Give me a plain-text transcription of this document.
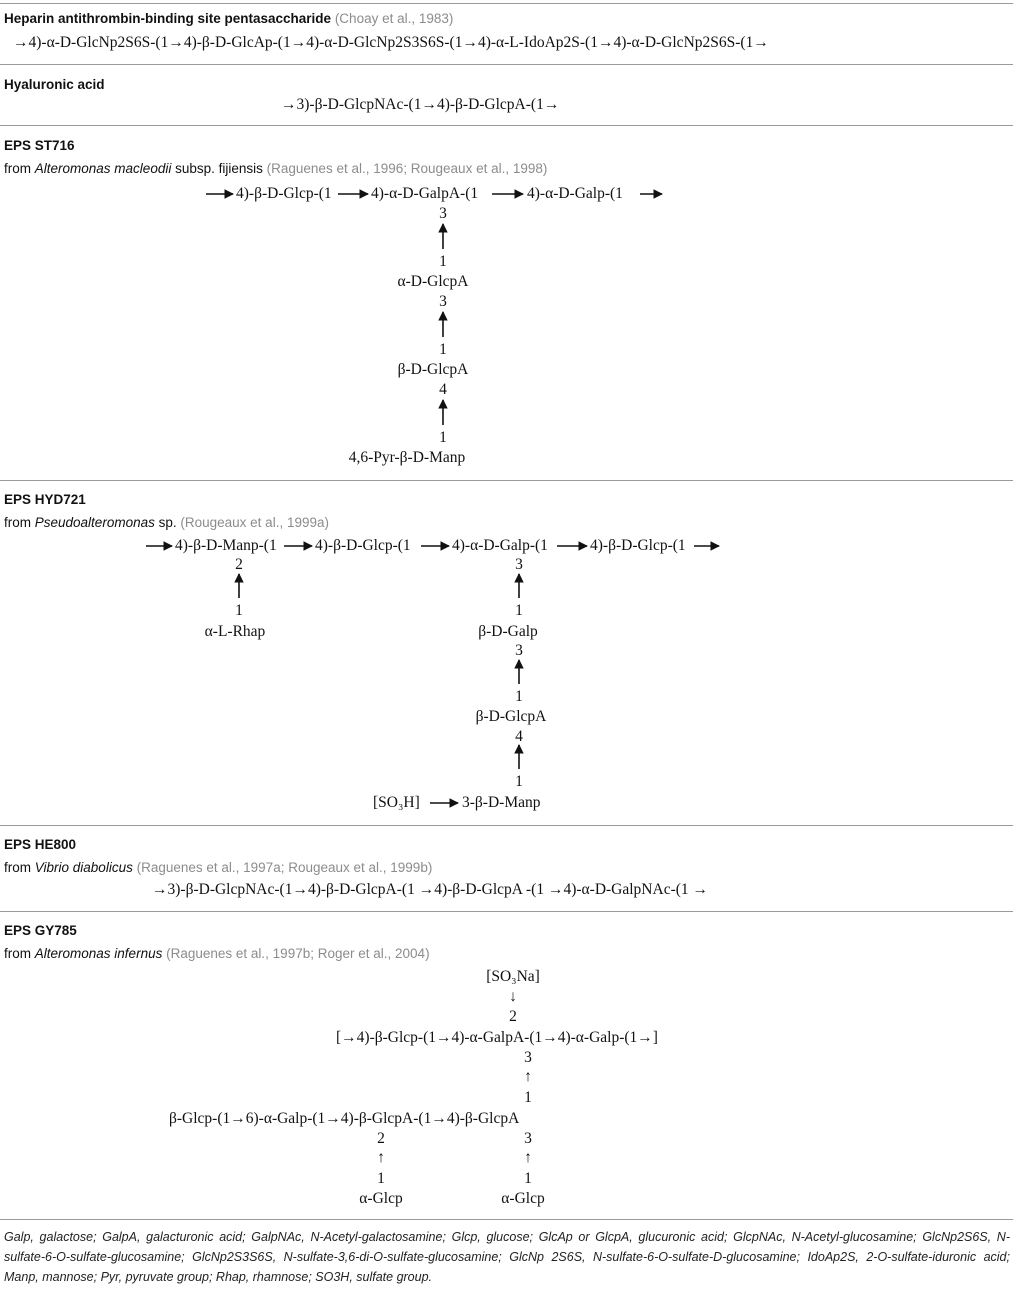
Heparin antithrombin-binding site pentasaccharide (Choay et al., 1983)
→4)-α-D-GlcNp2S6S-(1→4)-β-D-GlcAp-(1→4)-α-D-GlcNp2S3S6S-(1→4)-α-L-IdoAp2S-(1→4)-α-D-GlcNp2S6S-(1→
Hyaluronic acid
→3)-β-D-GlcpNAc-(1→4)-β-D-GlcpA-(1→
EPS ST716
from Alteromonas macleodii subsp. fijiensis (Raguenes et al., 1996; Rougeaux et al., 1998)
4)-β-D-Glcp-(1	4)-α-D-GalpA-(1	4)-α-D-Galp-(1
3
1
α-D-GlcpA
3
1
β-D-GlcpA
4
1
4,6-Pyr-β-D-Manp
EPS HYD721
from Pseudoalteromonas sp. (Rougeaux et al., 1999a)
4)-β-D-Manp-(1 4)-β-D-Glcp-(1	4)-α-D-Galp-(1	4)-β-D-Glcp-(1
2
1
α-L-Rhap
3
1
β-D-Galp
3
1
β-D-GlcpA
4
1
[SO₃H]	3-β-D-Manp
EPS HE800
from Vibrio diabolicus (Raguenes et al., 1997a; Rougeaux et al., 1999b)
→3)-β-D-GlcpNAc-(1→4)-β-D-GlcpA-(1 →4)-β-D-GlcpA -(1 →4)-α-D-GalpNAc-(1 →
EPS GY785
from Alteromonas infernus (Raguenes et al., 1997b; Roger et al., 2004)
[SO₃Na]
↓
2
[→4)-β-Glcp-(1→4)-α-GalpA-(1→4)-α-Galp-(1→]
3
↑
1
β-Glcp-(1→6)-α-Galp-(1→4)-β-GlcpA-(1→4)-β-GlcpA
2	3
↑	↑
1	1
α-Glcp	α-Glcp
Galp, galactose; GalpA, galacturonic acid; GalpNAc, N-Acetyl-galactosamine; Glcp, glucose; GlcAp or GlcpA, glucuronic acid; GlcpNAc, N-Acetyl-glucosamine; GlcNp2S6S, N-sulfate-6-O-sulfate-glucosamine; GlcNp2S3S6S, N-sulfate-3,6-di-O-sulfate-glucosamine; GlcNp 2S6S, N-sulfate-6-O-sulfate-D-glucosamine; IdoAp2S, 2-O-sulfate-iduronic acid; Manp, mannose; Pyr, pyruvate group; Rhap, rhamnose; SO3H, sulfate group.
